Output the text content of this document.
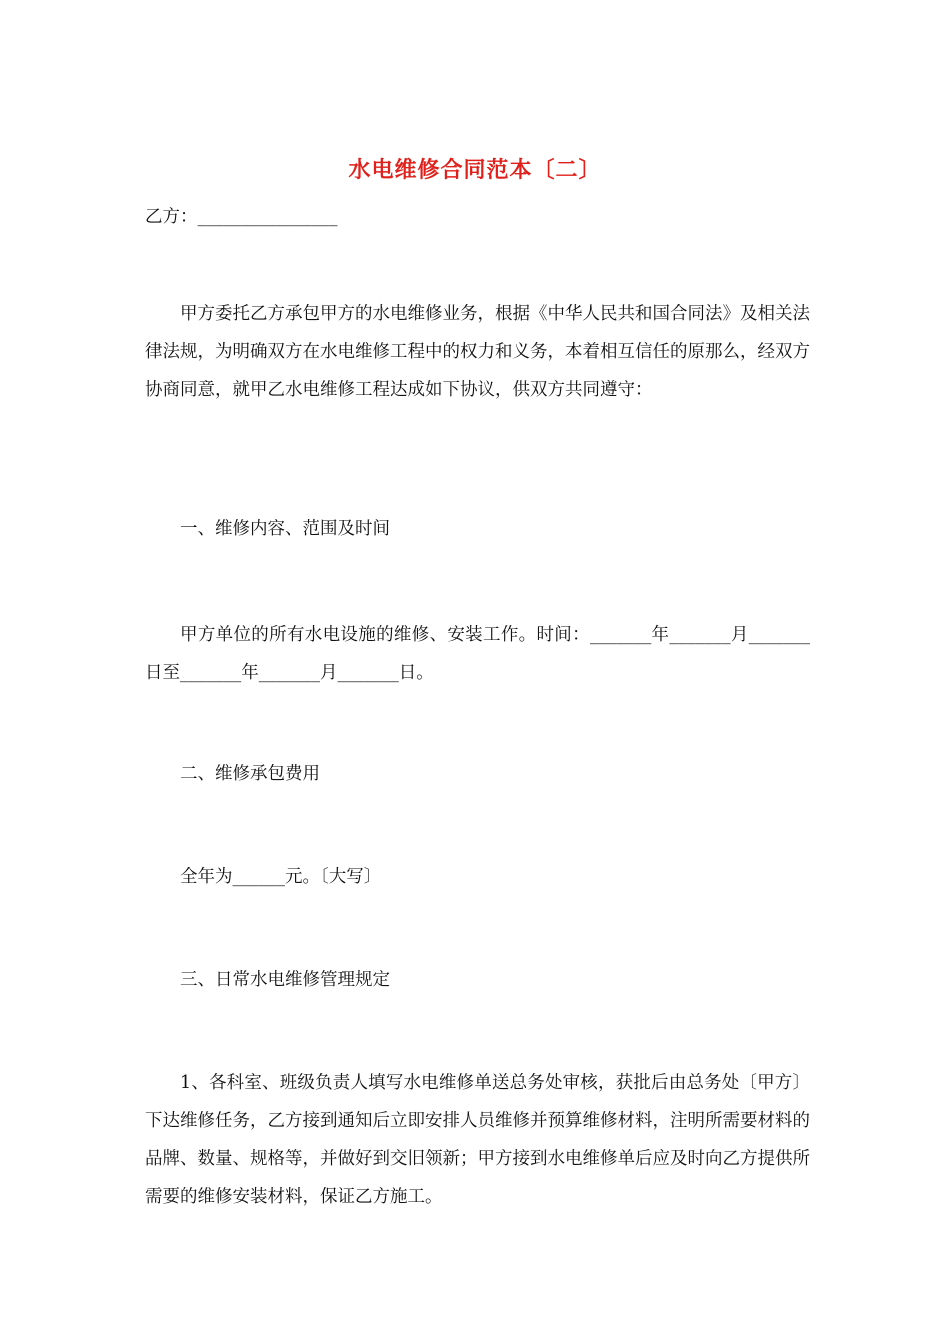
水电维修合同范本〔二〕

乙方：________________

甲方委托乙方承包甲方的水电维修业务，根据《中华人民共和国合同法》及相关法律法规，为明确双方在水电维修工程中的权力和义务，本着相互信任的原那么，经双方协商同意，就甲乙水电维修工程达成如下协议，供双方共同遵守：

一、维修内容、范围及时间

甲方单位的所有水电设施的维修、安装工作。时间：_______年_______月_______日至_______年_______月_______日。

二、维修承包费用

全年为______元。〔大写〕

三、日常水电维修管理规定

1、各科室、班级负责人填写水电维修单送总务处审核，获批后由总务处〔甲方〕下达维修任务，乙方接到通知后立即安排人员维修并预算维修材料，注明所需要材料的品牌、数量、规格等，并做好到交旧领新；甲方接到水电维修单后应及时向乙方提供所需要的维修安装材料，保证乙方施工。
